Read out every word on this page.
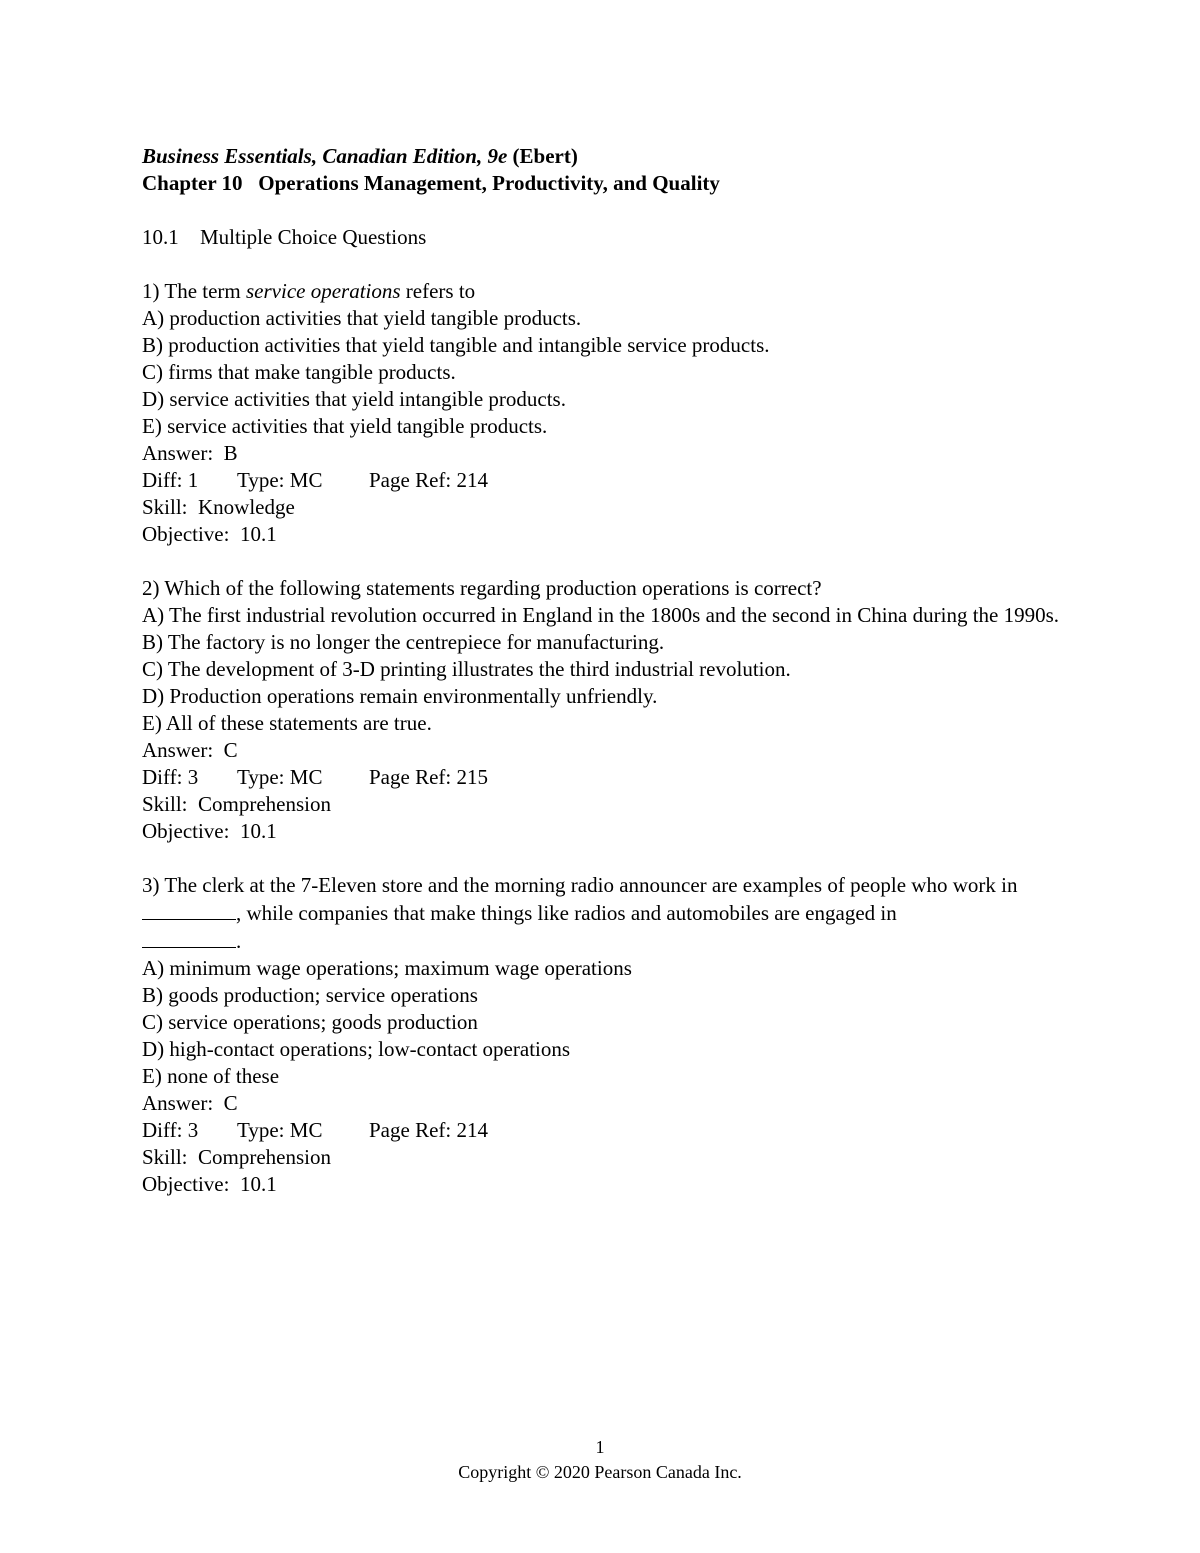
Business Essentials, Canadian Edition, 9e (Ebert)

Chapter 10 Operations Management, Productivity, and Quality

10.1 Multiple Choice Questions

1) The term service operations refers to

A) production activities that yield tangible products.

B) production activities that yield tangible and intangible service products.

C) firms that make tangible products.

D) service activities that yield intangible products.

E) service activities that yield tangible products.

Answer:  B

Diff: 1 Type: MC Page Ref: 214

Skill:  Knowledge

Objective:  10.1

2) Which of the following statements regarding production operations is correct?

A) The first industrial revolution occurred in England in the 1800s and the second in China during the 1990s.

B) The factory is no longer the centrepiece for manufacturing.

C) The development of 3-D printing illustrates the third industrial revolution.

D) Production operations remain environmentally unfriendly.

E) All of these statements are true.

Answer:  C

Diff: 3 Type: MC Page Ref: 215

Skill:  Comprehension

Objective:  10.1

3) The clerk at the 7-Eleven store and the morning radio announcer are examples of people who work in , while companies that make things like radios and automobiles are engaged in
.

A) minimum wage operations; maximum wage operations

B) goods production; service operations

C) service operations; goods production

D) high-contact operations; low-contact operations

E) none of these

Answer:  C

Diff: 3 Type: MC Page Ref: 214

Skill:  Comprehension

Objective:  10.1

1
Copyright © 2020 Pearson Canada Inc.
